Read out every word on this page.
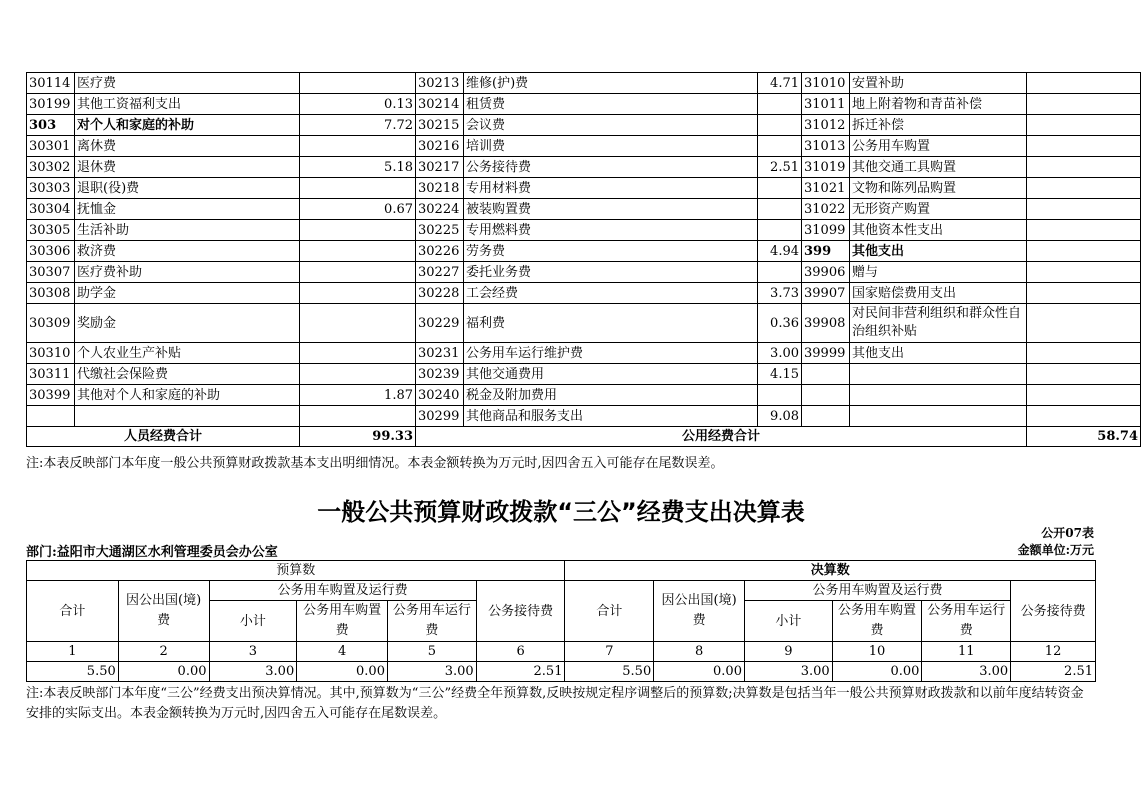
30114	医疗费		30213	维修(护)费	4.71	31010	安置补助	
30199	其他工资福利支出	0.13	30214	租赁费		31011	地上附着物和青苗补偿	
303	对个人和家庭的补助	7.72	30215	会议费		31012	拆迁补偿	
30301	离休费		30216	培训费		31013	公务用车购置	
30302	退休费	5.18	30217	公务接待费	2.51	31019	其他交通工具购置	
30303	退职(役)费		30218	专用材料费		31021	文物和陈列品购置	
30304	抚恤金	0.67	30224	被装购置费		31022	无形资产购置	
30305	生活补助		30225	专用燃料费		31099	其他资本性支出	
30306	救济费		30226	劳务费	4.94	399	其他支出	
30307	医疗费补助		30227	委托业务费		39906	赠与	
30308	助学金		30228	工会经费	3.73	39907	国家赔偿费用支出	
30309	奖励金		30229	福利费	0.36	39908	对民间非营利组织和群众性自治组织补贴	
30310	个人农业生产补贴		30231	公务用车运行维护费	3.00	39999	其他支出	
30311	代缴社会保险费		30239	其他交通费用	4.15			
30399	其他对个人和家庭的补助	1.87	30240	税金及附加费用				
			30299	其他商品和服务支出	9.08			
人员经费合计		99.33	公用经费合计					58.74
注:本表反映部门本年度一般公共预算财政拨款基本支出明细情况。本表金额转换为万元时,因四舍五入可能存在尾数误差。
一般公共预算财政拨款“三公”经费支出决算表
公开07表
部门:益阳市大通湖区水利管理委员会办公室	金额单位:万元
预算数						决算数					
合计	因公出国(境)费	公务用车购置及运行费			公务接待费	合计	因公出国(境)费	公务用车购置及运行费			公务接待费
		小计	公务用车购置费	公务用车运行费				小计	公务用车购置费	公务用车运行费	
1	2	3	4	5	6	7	8	9	10	11	12
5.50	0.00	3.00	0.00	3.00	2.51	5.50	0.00	3.00	0.00	3.00	2.51
注:本表反映部门本年度“三公”经费支出预决算情况。其中,预算数为“三公”经费全年预算数,反映按规定程序调整后的预算数;决算数是包括当年一般公共预算财政拨款和以前年度结转资金安排的实际支出。本表金额转换为万元时,因四舍五入可能存在尾数误差。
